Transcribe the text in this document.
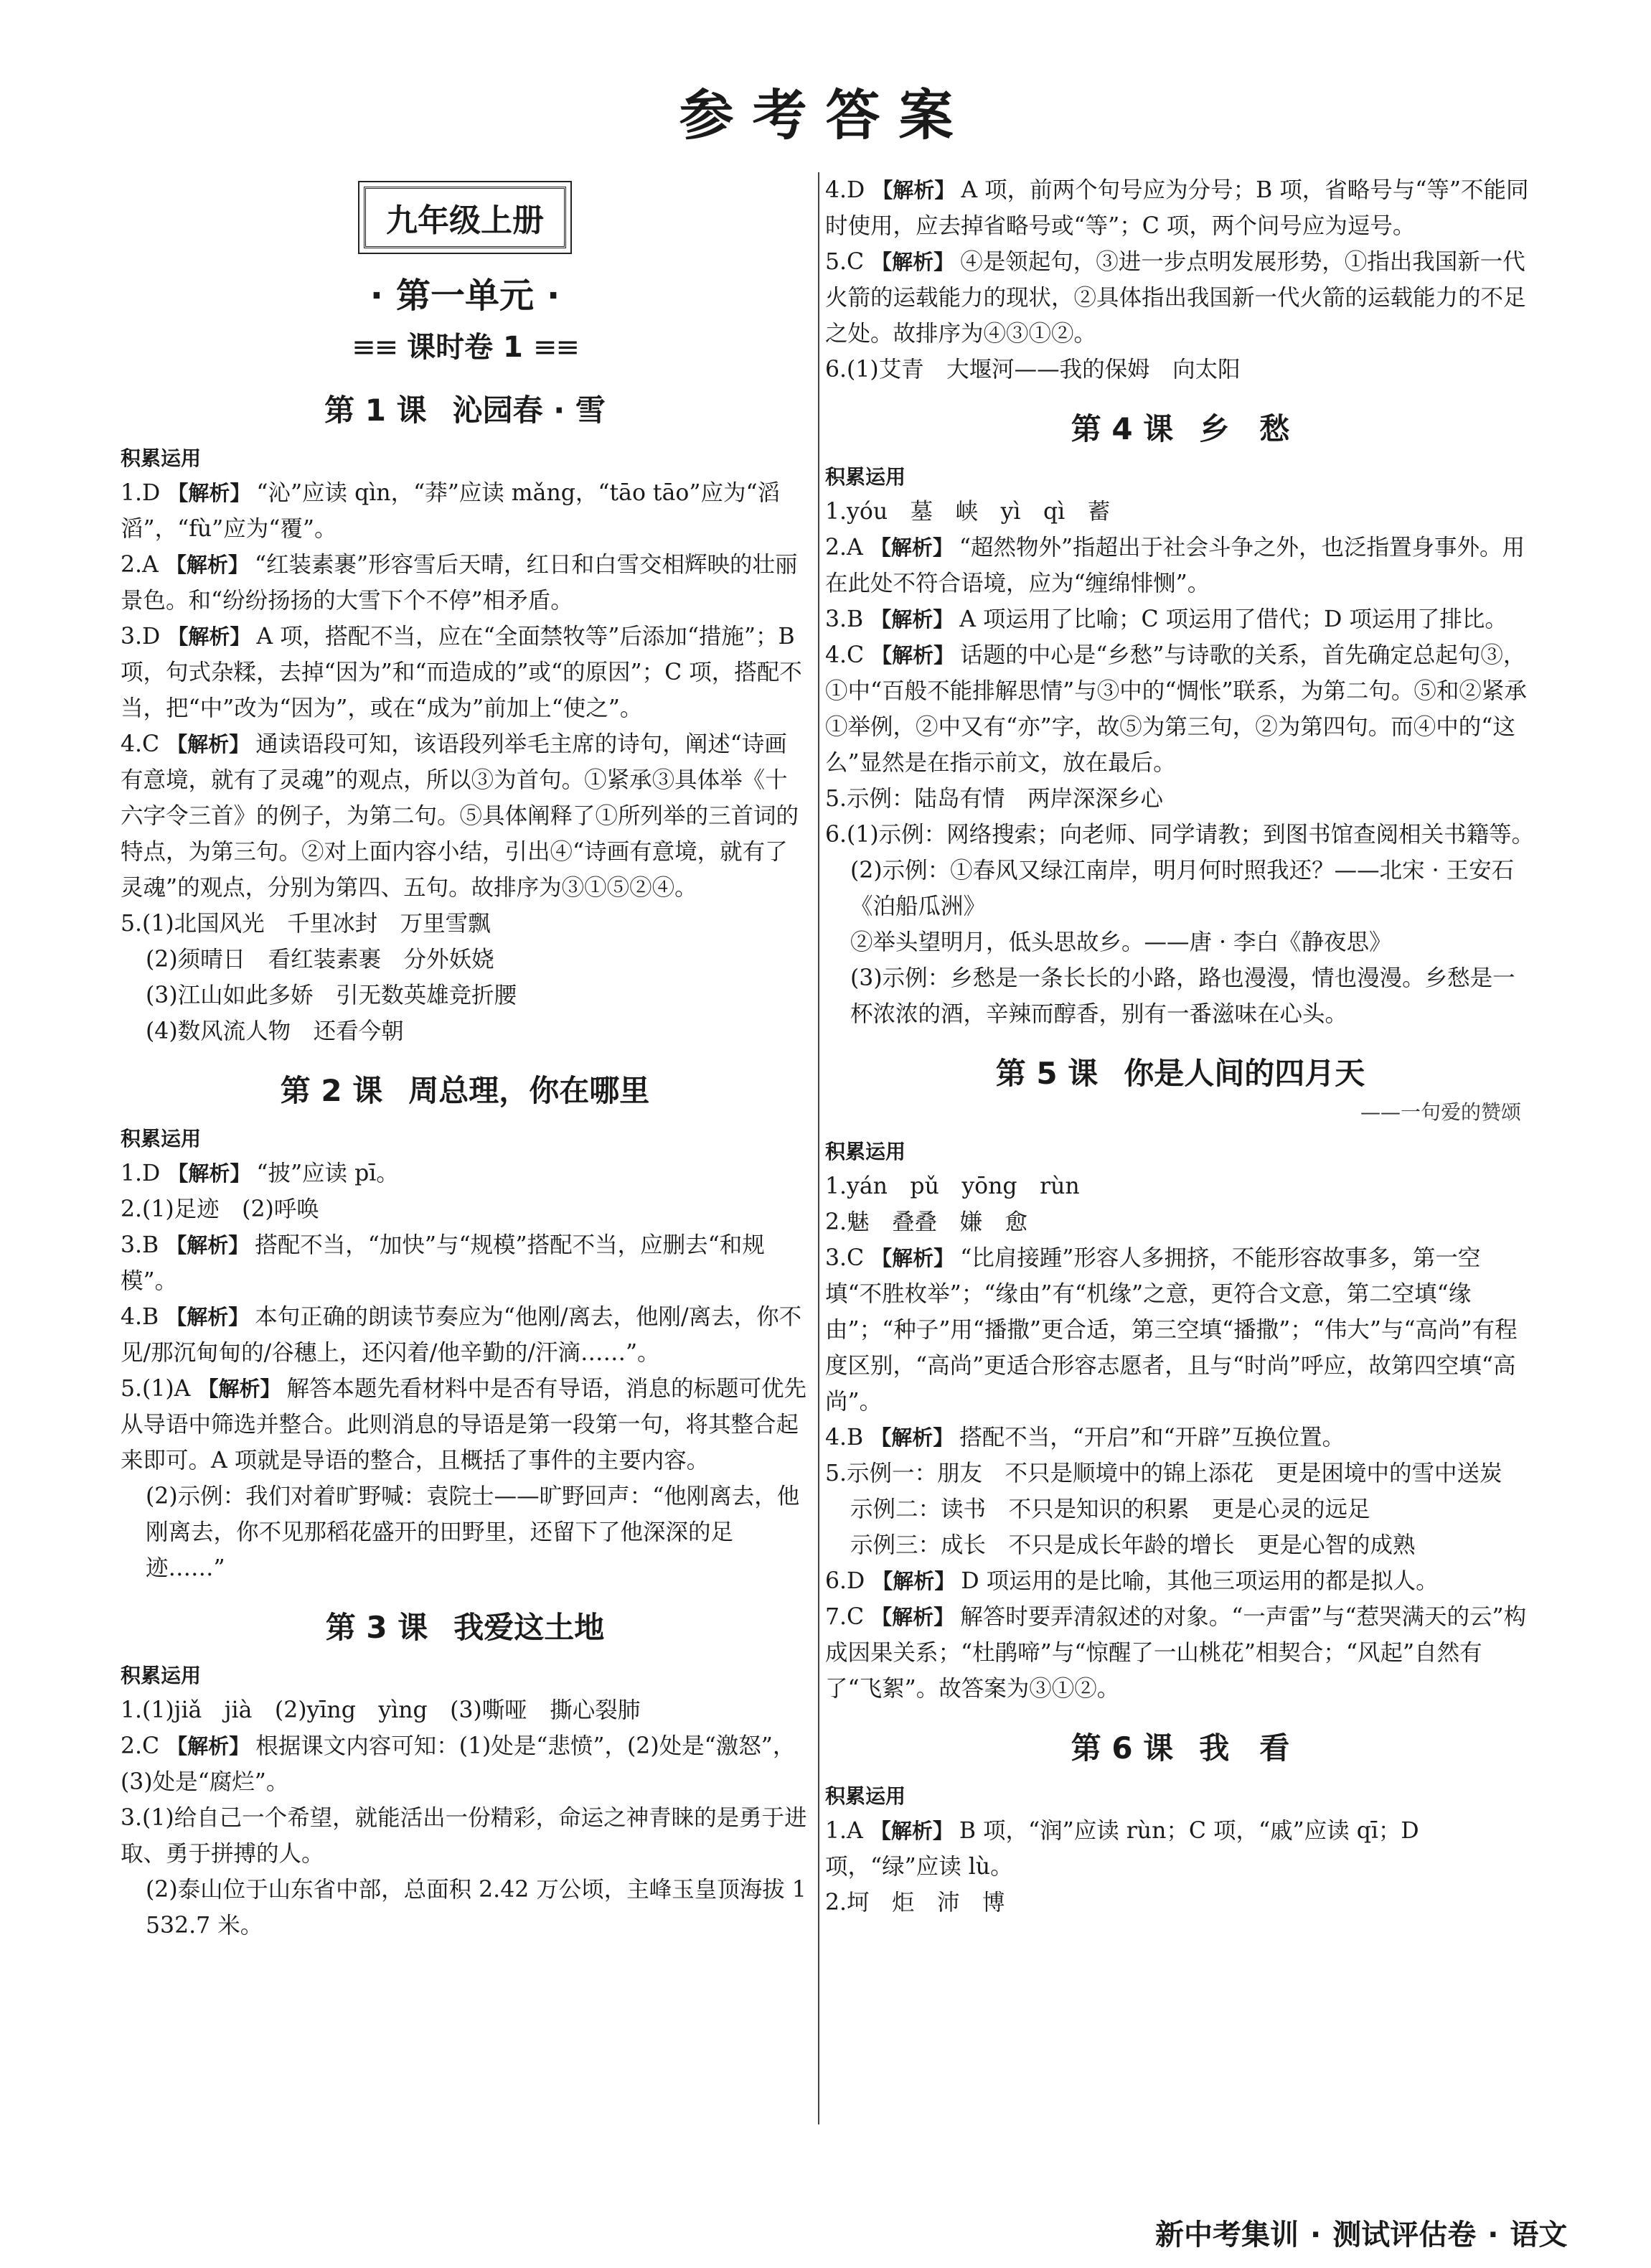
参考答案
九年级上册
· 第一单元 ·
≡≡ 课时卷 1 ≡≡
第 1 课 沁园春 · 雪
积累运用

1.D 【解析】 “沁”应读 qìn，“莽”应读 mǎng，“tāo tāo”应为“滔滔”，“fù”应为“覆”。

2.A 【解析】 “红装素裹”形容雪后天晴，红日和白雪交相辉映的壮丽景色。和“纷纷扬扬的大雪下个不停”相矛盾。

3.D 【解析】 A 项，搭配不当，应在“全面禁牧等”后添加“措施”；B 项，句式杂糅，去掉“因为”和“而造成的”或“的原因”；C 项，搭配不当，把“中”改为“因为”，或在“成为”前加上“使之”。

4.C 【解析】 通读语段可知，该语段列举毛主席的诗句，阐述“诗画有意境，就有了灵魂”的观点，所以③为首句。①紧承③具体举《十六字令三首》的例子，为第二句。⑤具体阐释了①所列举的三首词的特点，为第三句。②对上面内容小结，引出④“诗画有意境，就有了灵魂”的观点，分别为第四、五句。故排序为③①⑤②④。

5.(1)北国风光　千里冰封　万里雪飘

(2)须晴日　看红装素裹　分外妖娆

(3)江山如此多娇　引无数英雄竞折腰

(4)数风流人物　还看今朝

第 2 课 周总理，你在哪里
积累运用

1.D 【解析】 “披”应读 pī。

2.(1)足迹　(2)呼唤

3.B 【解析】 搭配不当，“加快”与“规模”搭配不当，应删去“和规模”。

4.B 【解析】 本句正确的朗读节奏应为“他刚/离去，他刚/离去，你不见/那沉甸甸的/谷穗上，还闪着/他辛勤的/汗滴……”。

5.(1)A 【解析】 解答本题先看材料中是否有导语，消息的标题可优先从导语中筛选并整合。此则消息的导语是第一段第一句，将其整合起来即可。A 项就是导语的整合，且概括了事件的主要内容。

(2)示例：我们对着旷野喊：袁院士——旷野回声：“他刚离去，他刚离去，你不见那稻花盛开的田野里，还留下了他深深的足迹……”

第 3 课 我爱这土地
积累运用

1.(1)jiǎ　jià　(2)yīng　yìng　(3)嘶哑　撕心裂肺

2.C 【解析】 根据课文内容可知：(1)处是“悲愤”，(2)处是“激怒”，(3)处是“腐烂”。

3.(1)给自己一个希望，就能活出一份精彩，命运之神青睐的是勇于进取、勇于拼搏的人。

(2)泰山位于山东省中部，总面积 2.42 万公顷，主峰玉皇顶海拔 1 532.7 米。

4.D 【解析】 A 项，前两个句号应为分号；B 项，省略号与“等”不能同时使用，应去掉省略号或“等”；C 项，两个问号应为逗号。

5.C 【解析】 ④是领起句，③进一步点明发展形势，①指出我国新一代火箭的运载能力的现状，②具体指出我国新一代火箭的运载能力的不足之处。故排序为④③①②。

6.(1)艾青　大堰河——我的保姆　向太阳

第 4 课 乡　愁
积累运用

1.yóu　墓　峡　yì　qì　蓄

2.A 【解析】 “超然物外”指超出于社会斗争之外，也泛指置身事外。用在此处不符合语境，应为“缠绵悱恻”。

3.B 【解析】 A 项运用了比喻；C 项运用了借代；D 项运用了排比。

4.C 【解析】 话题的中心是“乡愁”与诗歌的关系，首先确定总起句③，①中“百般不能排解思情”与③中的“惆怅”联系，为第二句。⑤和②紧承①举例，②中又有“亦”字，故⑤为第三句，②为第四句。而④中的“这么”显然是在指示前文，放在最后。

5.示例：陆岛有情　两岸深深乡心

6.(1)示例：网络搜索；向老师、同学请教；到图书馆查阅相关书籍等。

(2)示例：①春风又绿江南岸，明月何时照我还？——北宋 · 王安石《泊船瓜洲》

②举头望明月，低头思故乡。——唐 · 李白《静夜思》

(3)示例：乡愁是一条长长的小路，路也漫漫，情也漫漫。乡愁是一杯浓浓的酒，辛辣而醇香，别有一番滋味在心头。

第 5 课 你是人间的四月天
——一句爱的赞颂
积累运用

1.yán　pǔ　yōng　rùn

2.魅　叠叠　嫌　愈

3.C 【解析】 “比肩接踵”形容人多拥挤，不能形容故事多，第一空填“不胜枚举”；“缘由”有“机缘”之意，更符合文意，第二空填“缘由”；“种子”用“播撒”更合适，第三空填“播撒”；“伟大”与“高尚”有程度区别，“高尚”更适合形容志愿者，且与“时尚”呼应，故第四空填“高尚”。

4.B 【解析】 搭配不当，“开启”和“开辟”互换位置。

5.示例一：朋友　不只是顺境中的锦上添花　更是困境中的雪中送炭

示例二：读书　不只是知识的积累　更是心灵的远足

示例三：成长　不只是成长年龄的增长　更是心智的成熟

6.D 【解析】 D 项运用的是比喻，其他三项运用的都是拟人。

7.C 【解析】 解答时要弄清叙述的对象。“一声雷”与“惹哭满天的云”构成因果关系；“杜鹃啼”与“惊醒了一山桃花”相契合；“风起”自然有了“飞絮”。故答案为③①②。

第 6 课 我　看
积累运用

1.A 【解析】 B 项，“润”应读 rùn；C 项，“戚”应读 qī；D 项，“绿”应读 lù。

2.坷　炬　沛　博

新中考集训 · 测试评估卷 · 语文
